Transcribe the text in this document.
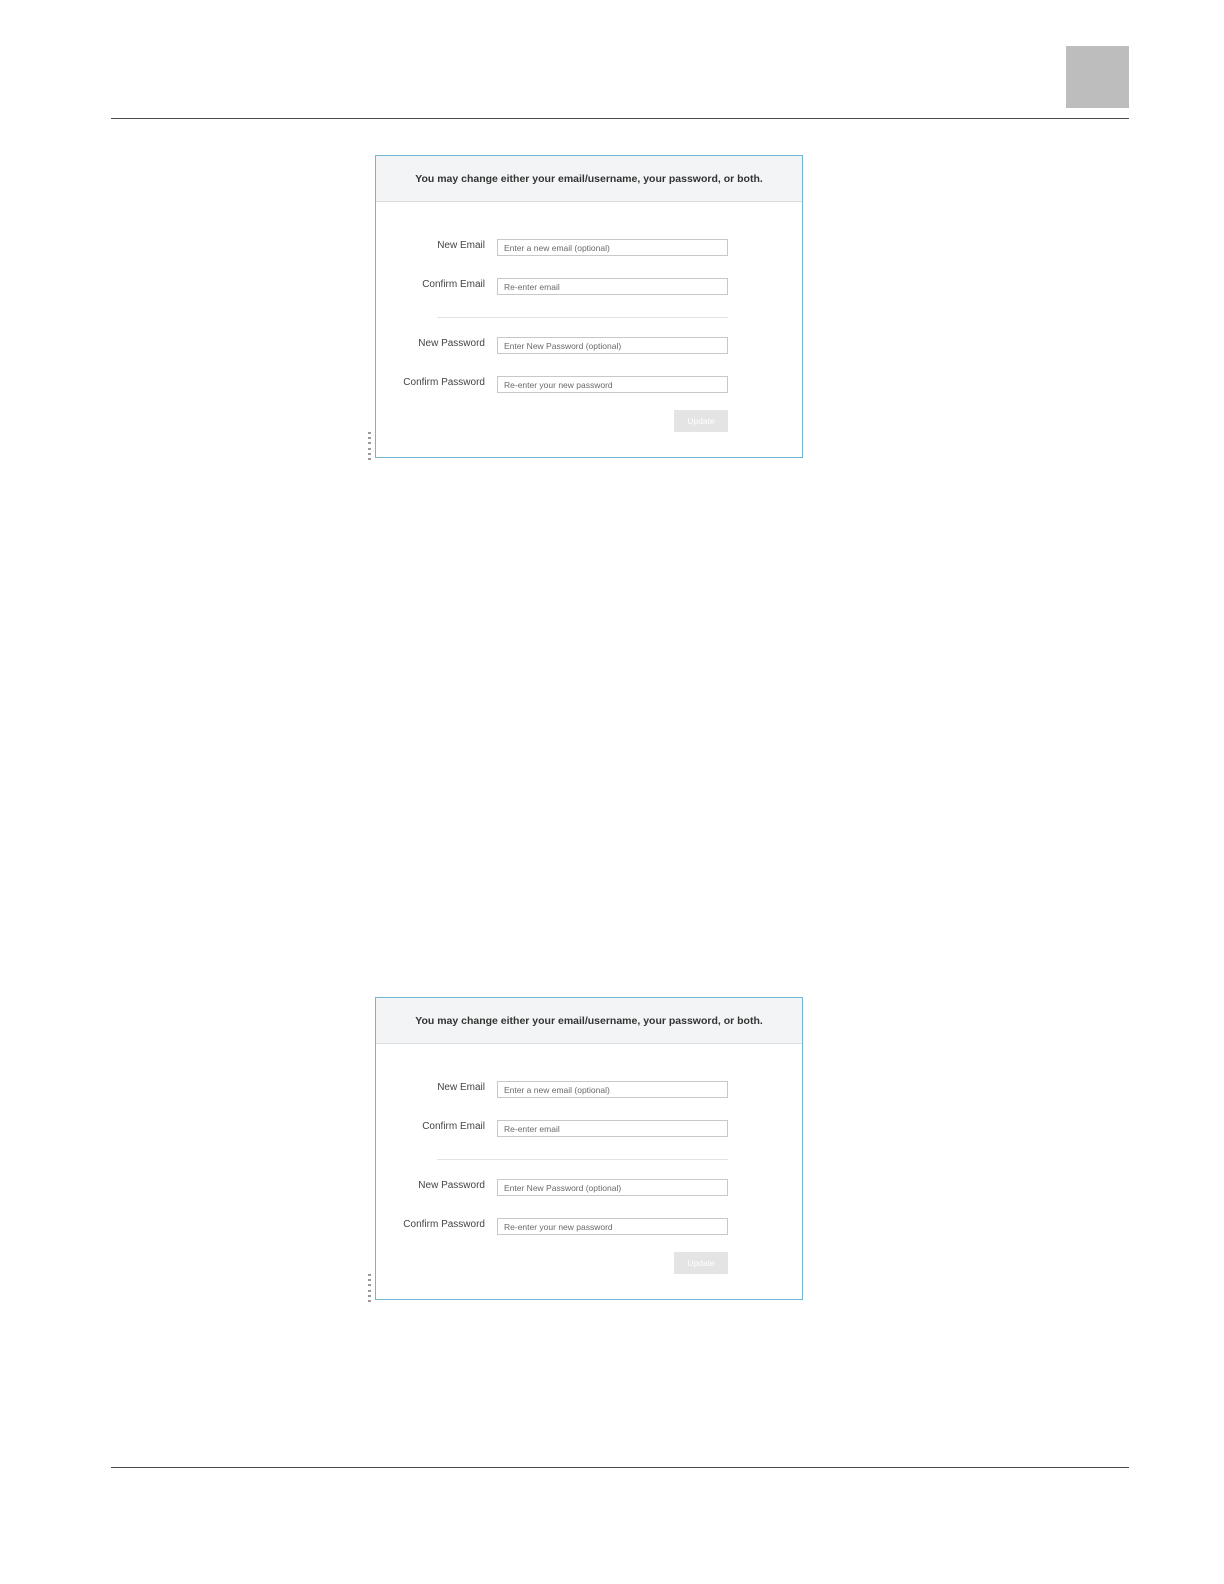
You may change either your email/username, your password, or both.
New Email
Enter a new email (optional)
Confirm Email
Re-enter email
New Password
Enter New Password (optional)
Confirm Password
Re-enter your new password
Update
You may change either your email/username, your password, or both.
New Email
Enter a new email (optional)
Confirm Email
Re-enter email
New Password
Enter New Password (optional)
Confirm Password
Re-enter your new password
Update
